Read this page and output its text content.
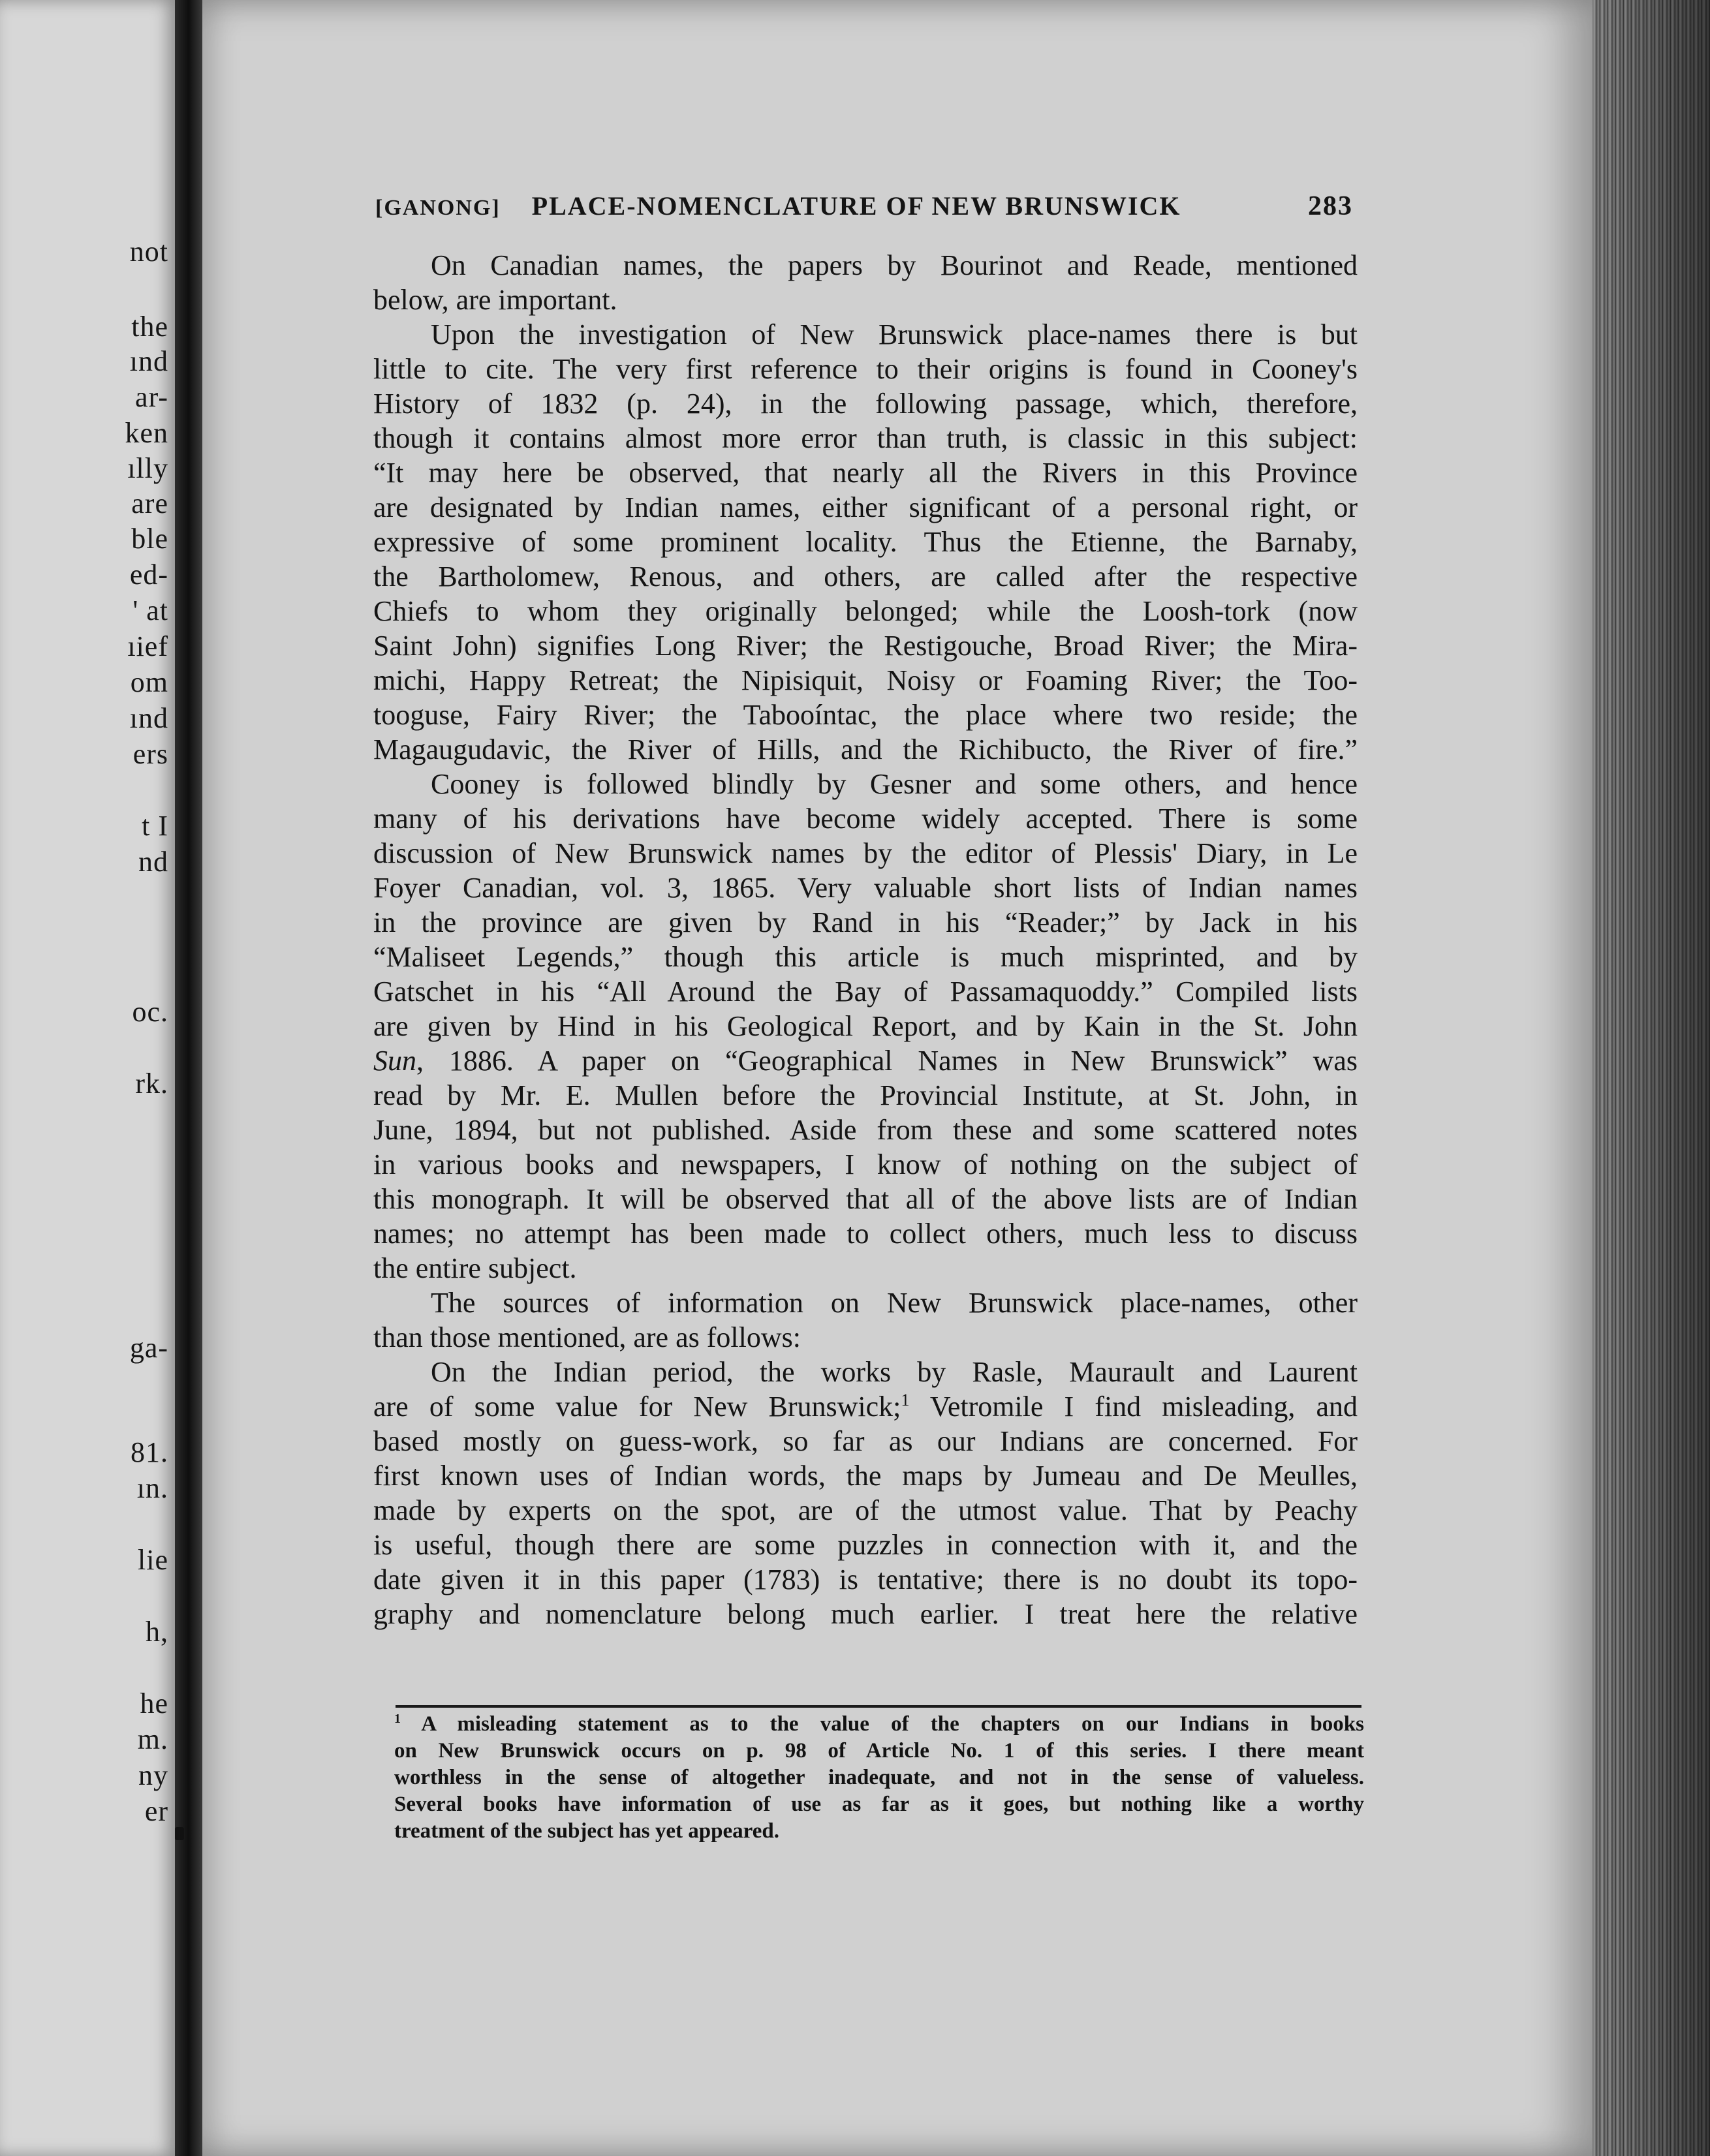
not
the
ınd
ar-
ken
ılly
are
ble
ed-
' at
ıief
om
ınd
ers
t I
nd
oc.
rk.
ga-
81.
ın.
lie
h,
he
m.
ny
er
[GANONG] PLACE-NOMENCLATURE OF NEW BRUNSWICK	283
On Canadian names, the papers by Bourinot and Reade, mentioned
below, are important.
Upon the investigation of New Brunswick place-names there is but
little to cite. The very first reference to their origins is found in Cooney's
History of 1832 (p. 24), in the following passage, which, therefore,
though it contains almost more error than truth, is classic in this subject:
“It may here be observed, that nearly all the Rivers in this Province
are designated by Indian names, either significant of a personal right, or
expressive of some prominent locality. Thus the Etienne, the Barnaby,
the Bartholomew, Renous, and others, are called after the respective
Chiefs to whom they originally belonged; while the Loosh-tork (now
Saint John) signifies Long River; the Restigouche, Broad River; the Mira-
michi, Happy Retreat; the Nipisiquit, Noisy or Foaming River; the Too-
tooguse, Fairy River; the Tabooíntac, the place where two reside; the
Magaugudavic, the River of Hills, and the Richibucto, the River of fire.”
Cooney is followed blindly by Gesner and some others, and hence
many of his derivations have become widely accepted. There is some
discussion of New Brunswick names by the editor of Plessis' Diary, in Le
Foyer Canadian, vol. 3, 1865. Very valuable short lists of Indian names
in the province are given by Rand in his “Reader;” by Jack in his
“Maliseet Legends,” though this article is much misprinted, and by
Gatschet in his “All Around the Bay of Passamaquoddy.” Compiled lists
are given by Hind in his Geological Report, and by Kain in the St. John
Sun, 1886. A paper on “Geographical Names in New Brunswick” was
read by Mr. E. Mullen before the Provincial Institute, at St. John, in
June, 1894, but not published. Aside from these and some scattered notes
in various books and newspapers, I know of nothing on the subject of
this monograph. It will be observed that all of the above lists are of Indian
names; no attempt has been made to collect others, much less to discuss
the entire subject.
The sources of information on New Brunswick place-names, other
than those mentioned, are as follows:
On the Indian period, the works by Rasle, Maurault and Laurent
are of some value for New Brunswick;$^1$ Vetromile I find misleading, and
based mostly on guess-work, so far as our Indians are concerned. For
first known uses of Indian words, the maps by Jumeau and De Meulles,
made by experts on the spot, are of the utmost value. That by Peachy
is useful, though there are some puzzles in connection with it, and the
date given it in this paper (1783) is tentative; there is no doubt its topo-
graphy and nomenclature belong much earlier. I treat here the relative
$^1$ A misleading statement as to the value of the chapters on our Indians in books
on New Brunswick occurs on p. 98 of Article No. 1 of this series. I there meant
worthless in the sense of altogether inadequate, and not in the sense of valueless.
Several books have information of use as far as it goes, but nothing like a worthy
treatment of the subject has yet appeared.
